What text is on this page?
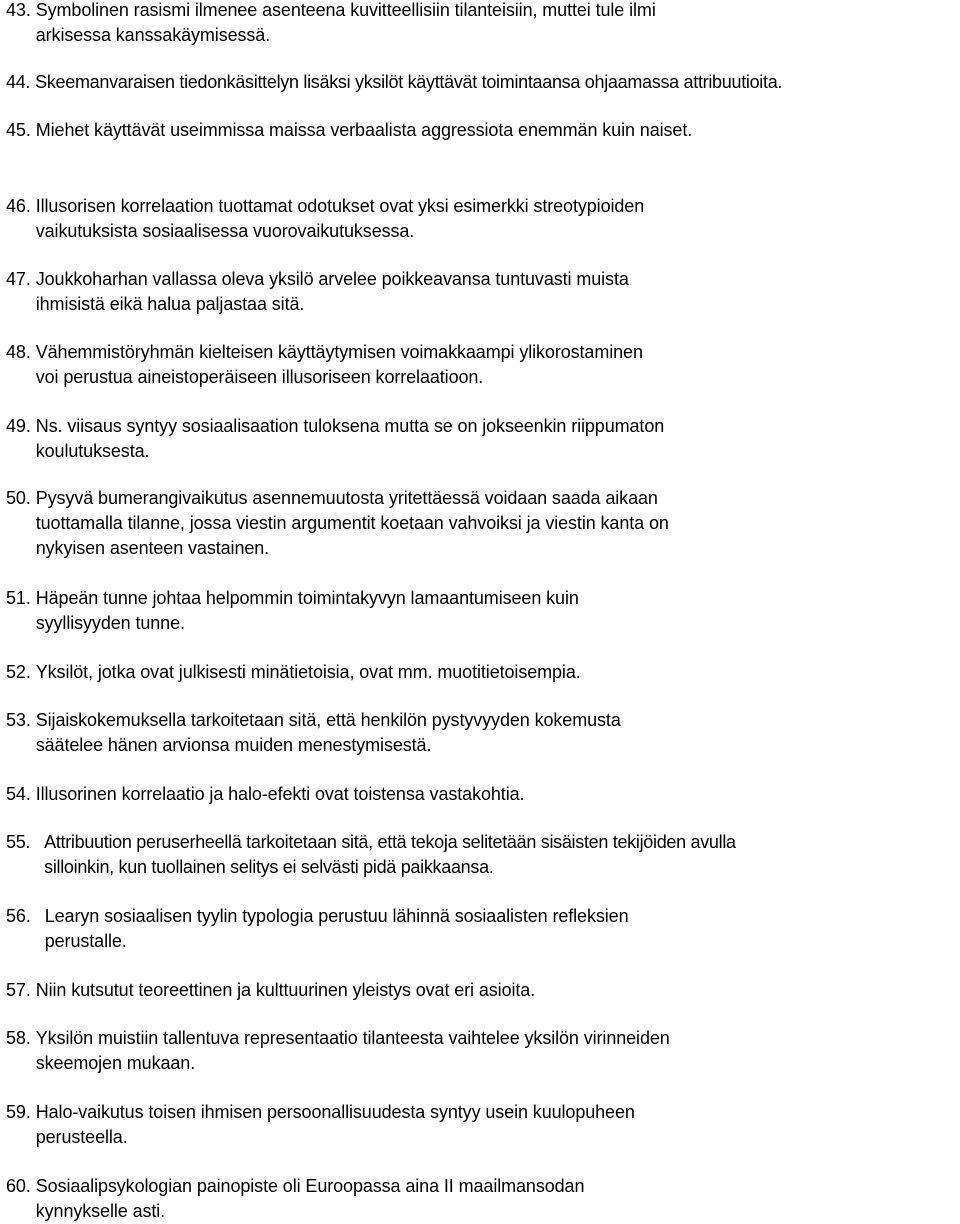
43. Symbolinen rasismi ilmenee asenteena kuvitteellisiin tilanteisiin, muttei tule ilmi
arkisessa kanssakäymisessä.
44. Skeemanvaraisen tiedonkäsittelyn lisäksi yksilöt käyttävät toimintaansa ohjaamassa attribuutioita.
45. Miehet käyttävät useimmissa maissa verbaalista aggressiota enemmän kuin naiset.
46. Illusorisen korrelaation tuottamat odotukset ovat yksi esimerkki streotypioiden
vaikutuksista sosiaalisessa vuorovaikutuksessa.
47. Joukkoharhan vallassa oleva yksilö arvelee poikkeavansa tuntuvasti muista
ihmisistä eikä halua paljastaa sitä.
48. Vähemmistöryhmän kielteisen käyttäytymisen voimakkaampi ylikorostaminen
voi perustua aineistoperäiseen illusoriseen korrelaatioon.
49. Ns. viisaus syntyy sosiaalisaation tuloksena mutta se on jokseenkin riippumaton
koulutuksesta.
50. Pysyvä bumerangivaikutus asennemuutosta yritettäessä voidaan saada aikaan
tuottamalla tilanne, jossa viestin argumentit koetaan vahvoiksi ja viestin kanta on
nykyisen asenteen vastainen.
51. Häpeän tunne johtaa helpommin toimintakyvyn lamaantumiseen kuin
syyllisyyden tunne.
52. Yksilöt, jotka ovat julkisesti minätietoisia, ovat mm. muotitietoisempia.
53. Sijaiskokemuksella tarkoitetaan sitä, että henkilön pystyvyyden kokemusta
säätelee hänen arvionsa muiden menestymisestä.
54. Illusorinen korrelaatio ja halo-efekti ovat toistensa vastakohtia.
55. Attribuution peruserheellä tarkoitetaan sitä, että tekoja selitetään sisäisten tekijöiden avulla
silloinkin, kun tuollainen selitys ei selvästi pidä paikkaansa.
56. Learyn sosiaalisen tyylin typologia perustuu lähinnä sosiaalisten refleksien
perustalle.
57. Niin kutsutut teoreettinen ja kulttuurinen yleistys ovat eri asioita.
58. Yksilön muistiin tallentuva representaatio tilanteesta vaihtelee yksilön virinneiden
skeemojen mukaan.
59. Halo-vaikutus toisen ihmisen persoonallisuudesta syntyy usein kuulopuheen
perusteella.
60. Sosiaalipsykologian painopiste oli Euroopassa aina II maailmansodan
kynnykselle asti.
